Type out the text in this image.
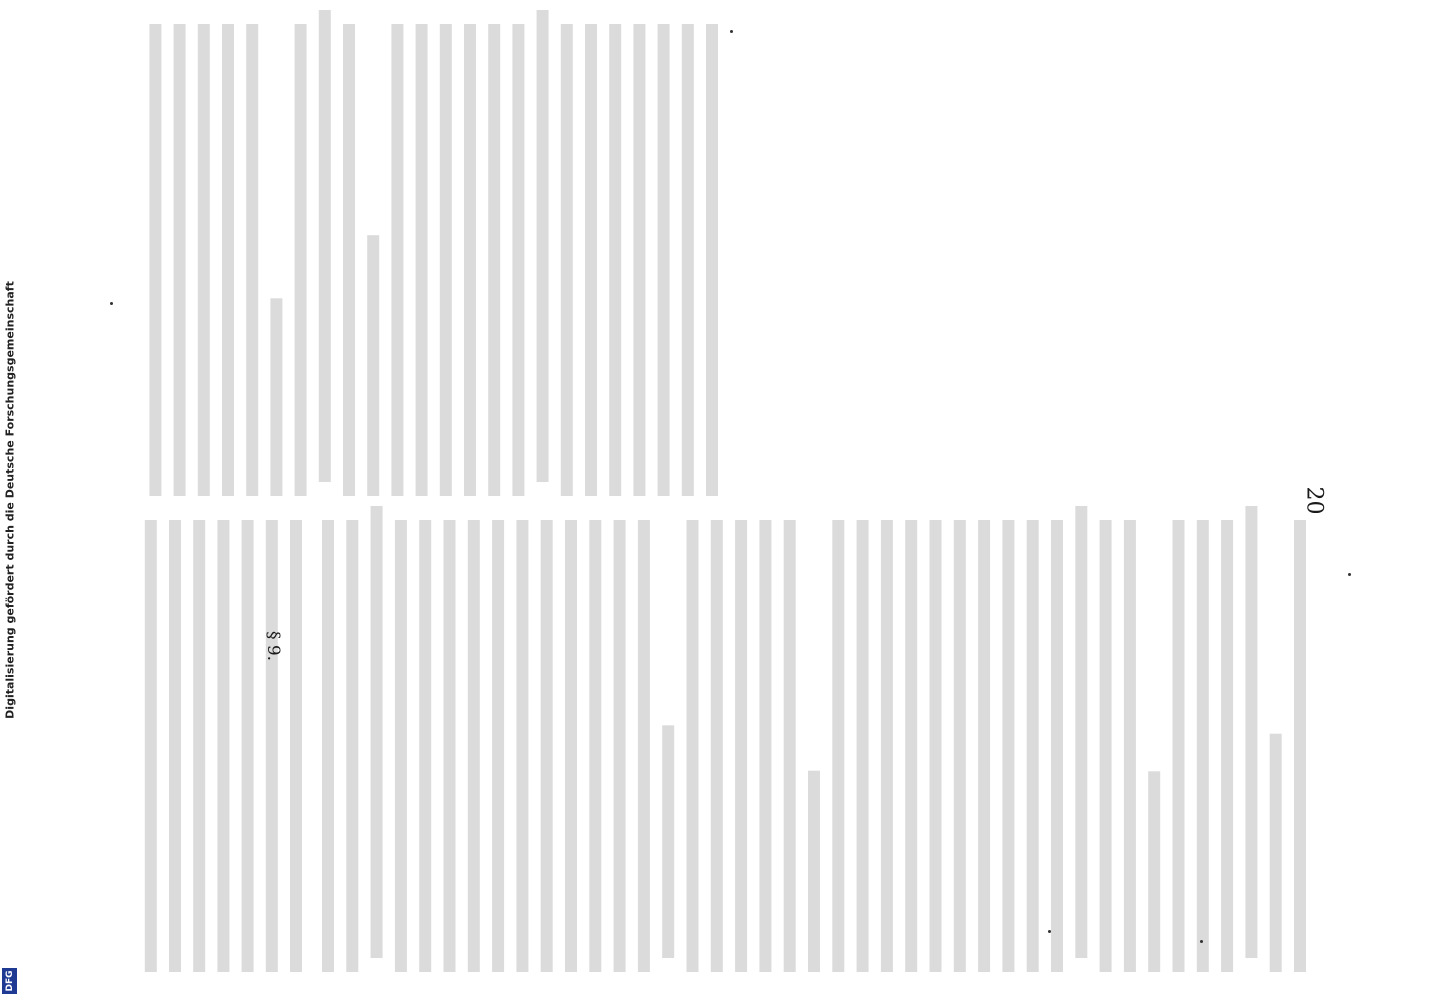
20
§ 9.
Digitalisierung gefördert durch die Deutsche Forschungsgemeinschaft
DFG
